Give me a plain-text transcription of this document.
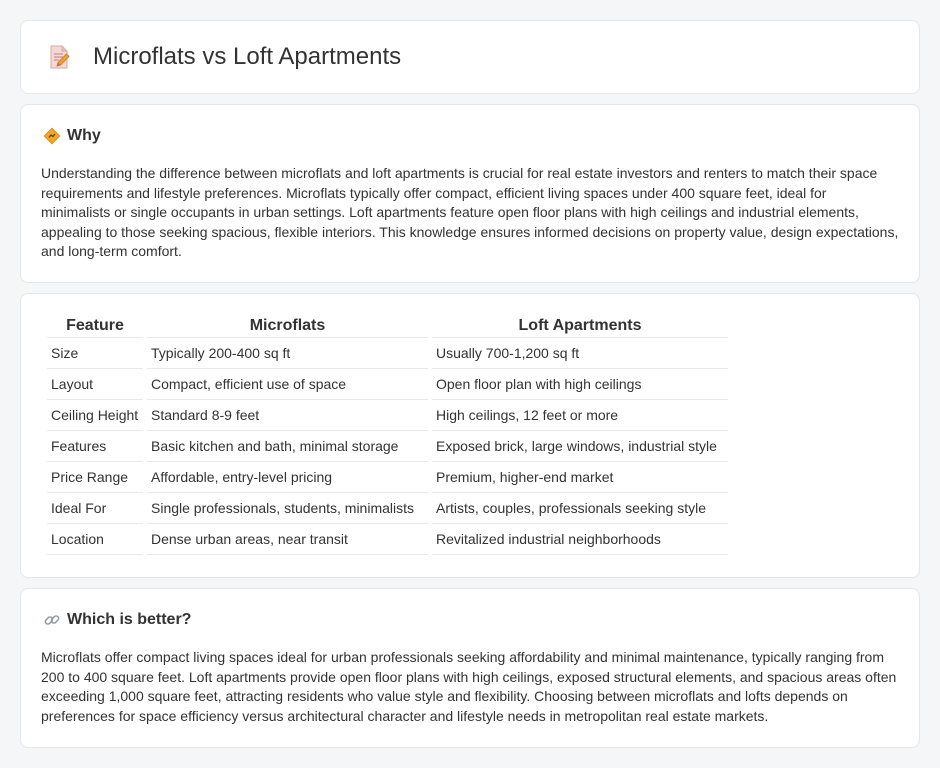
Microflats vs Loft Apartments
Why

Understanding the difference between microflats and loft apartments is crucial for real estate investors and renters to match their space requirements and lifestyle preferences. Microflats typically offer compact, efficient living spaces under 400 square feet, ideal for minimalists or single occupants in urban settings. Loft apartments feature open floor plans with high ceilings and industrial elements, appealing to those seeking spacious, flexible interiors. This knowledge ensures informed decisions on property value, design expectations, and long-term comfort.

Feature	Microflats	Loft Apartments
Size	Typically 200-400 sq ft	Usually 700-1,200 sq ft
Layout	Compact, efficient use of space	Open floor plan with high ceilings
Ceiling Height	Standard 8-9 feet	High ceilings, 12 feet or more
Features	Basic kitchen and bath, minimal storage	Exposed brick, large windows, industrial style
Price Range	Affordable, entry-level pricing	Premium, higher-end market
Ideal For	Single professionals, students, minimalists	Artists, couples, professionals seeking style
Location	Dense urban areas, near transit	Revitalized industrial neighborhoods
Which is better?

Microflats offer compact living spaces ideal for urban professionals seeking affordability and minimal maintenance, typically ranging from 200 to 400 square feet. Loft apartments provide open floor plans with high ceilings, exposed structural elements, and spacious areas often exceeding 1,000 square feet, attracting residents who value style and flexibility. Choosing between microflats and lofts depends on preferences for space efficiency versus architectural character and lifestyle needs in metropolitan real estate markets.
